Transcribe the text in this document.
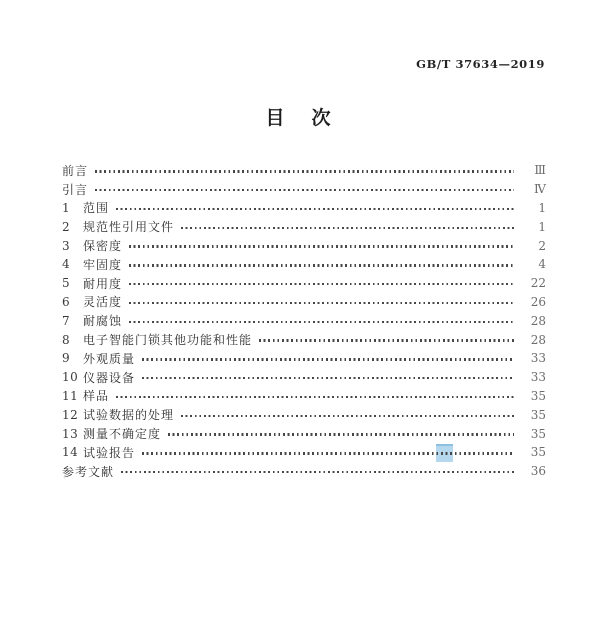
GB/T 37634—2019
目　次
前言	Ⅲ
引言	Ⅳ
1	范围	1
2	规范性引用文件	1
3	保密度	2
4	牢固度	4
5	耐用度	22
6	灵活度	26
7	耐腐蚀	28
8	电子智能门锁其他功能和性能	28
9	外观质量	33
10 仪器设备	33
11 样品	35
12 试验数据的处理	35
13 测量不确定度	35
14 试验报告	35
参考文献	36
